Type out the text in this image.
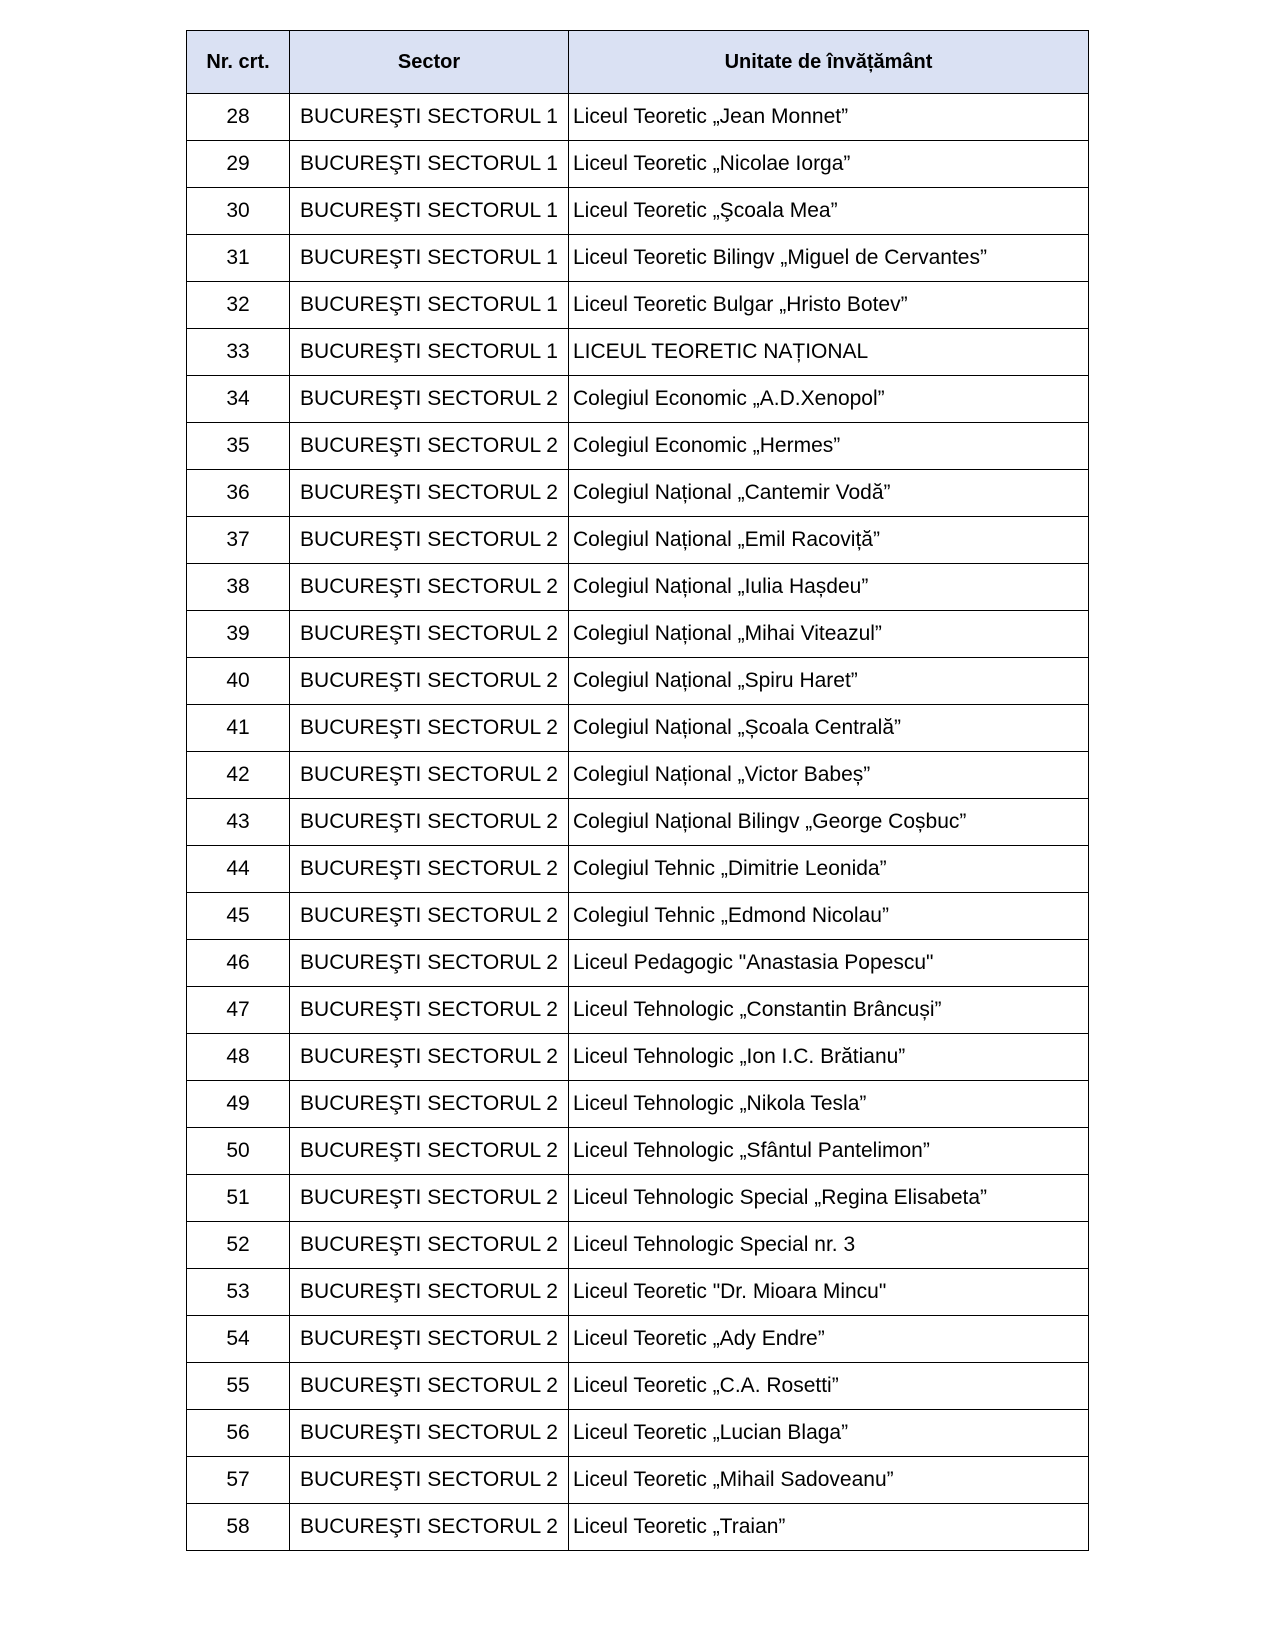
Nr. crt.	Sector	Unitate de învățământ
28	BUCUREŞTI SECTORUL 1	Liceul Teoretic „Jean Monnet”
29	BUCUREŞTI SECTORUL 1	Liceul Teoretic „Nicolae Iorga”
30	BUCUREŞTI SECTORUL 1	Liceul Teoretic „Şcoala Mea”
31	BUCUREŞTI SECTORUL 1	Liceul Teoretic Bilingv „Miguel de Cervantes”
32	BUCUREŞTI SECTORUL 1	Liceul Teoretic Bulgar „Hristo Botev”
33	BUCUREŞTI SECTORUL 1	LICEUL TEORETIC NAȚIONAL
34	BUCUREŞTI SECTORUL 2	Colegiul Economic „A.D.Xenopol”
35	BUCUREŞTI SECTORUL 2	Colegiul Economic „Hermes”
36	BUCUREŞTI SECTORUL 2	Colegiul Național „Cantemir Vodă”
37	BUCUREŞTI SECTORUL 2	Colegiul Național „Emil Racoviță”
38	BUCUREŞTI SECTORUL 2	Colegiul Național „Iulia Hașdeu”
39	BUCUREŞTI SECTORUL 2	Colegiul Național „Mihai Viteazul”
40	BUCUREŞTI SECTORUL 2	Colegiul Național „Spiru Haret”
41	BUCUREŞTI SECTORUL 2	Colegiul Național „Școala Centrală”
42	BUCUREŞTI SECTORUL 2	Colegiul Național „Victor Babeș”
43	BUCUREŞTI SECTORUL 2	Colegiul Național Bilingv „George Coșbuc”
44	BUCUREŞTI SECTORUL 2	Colegiul Tehnic „Dimitrie Leonida”
45	BUCUREŞTI SECTORUL 2	Colegiul Tehnic „Edmond Nicolau”
46	BUCUREŞTI SECTORUL 2	Liceul Pedagogic "Anastasia Popescu"
47	BUCUREŞTI SECTORUL 2	Liceul Tehnologic „Constantin Brâncuși”
48	BUCUREŞTI SECTORUL 2	Liceul Tehnologic „Ion I.C. Brătianu”
49	BUCUREŞTI SECTORUL 2	Liceul Tehnologic „Nikola Tesla”
50	BUCUREŞTI SECTORUL 2	Liceul Tehnologic „Sfântul Pantelimon”
51	BUCUREŞTI SECTORUL 2	Liceul Tehnologic Special „Regina Elisabeta”
52	BUCUREŞTI SECTORUL 2	Liceul Tehnologic Special nr. 3
53	BUCUREŞTI SECTORUL 2	Liceul Teoretic "Dr. Mioara Mincu"
54	BUCUREŞTI SECTORUL 2	Liceul Teoretic „Ady Endre”
55	BUCUREŞTI SECTORUL 2	Liceul Teoretic „C.A. Rosetti”
56	BUCUREŞTI SECTORUL 2	Liceul Teoretic „Lucian Blaga”
57	BUCUREŞTI SECTORUL 2	Liceul Teoretic „Mihail Sadoveanu”
58	BUCUREŞTI SECTORUL 2	Liceul Teoretic „Traian”
